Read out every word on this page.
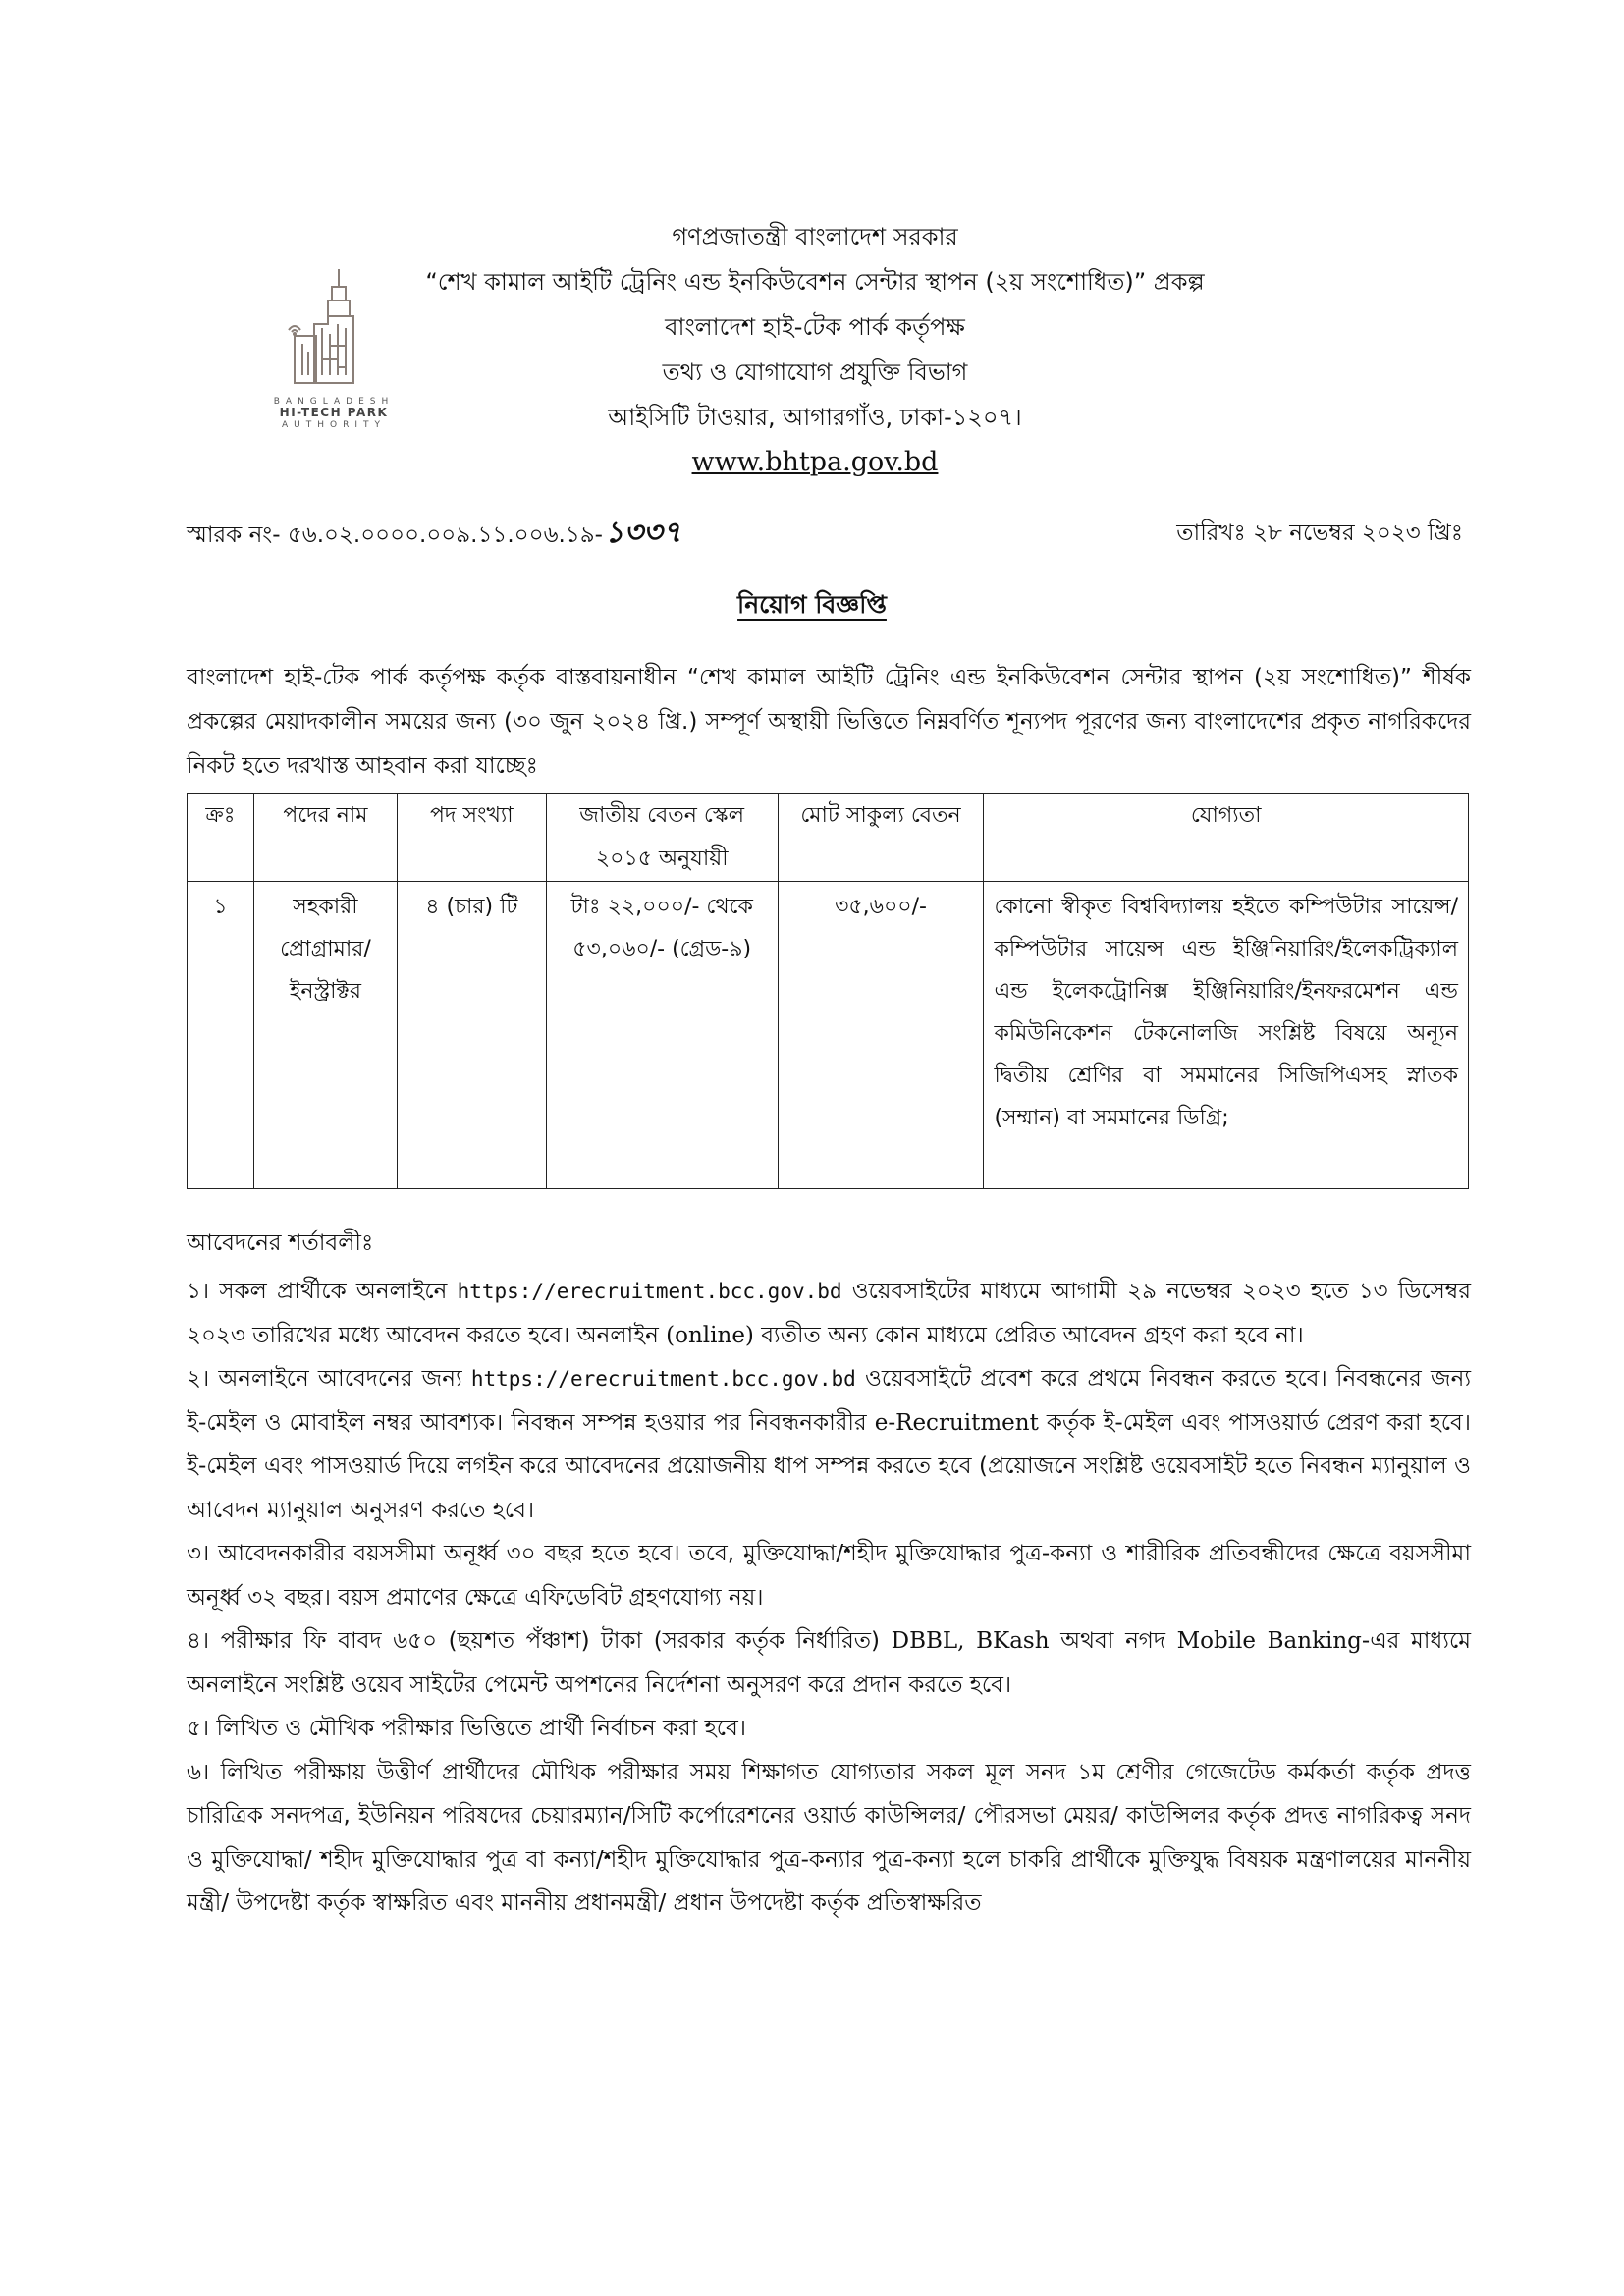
BANGLADESH
HI-TECH PARK
AUTHORITY
গণপ্রজাতন্ত্রী বাংলাদেশ সরকার
“শেখ কামাল আইটি ট্রেনিং এন্ড ইনকিউবেশন সেন্টার স্থাপন (২য় সংশোধিত)” প্রকল্প
বাংলাদেশ হাই-টেক পার্ক কর্তৃপক্ষ
তথ্য ও যোগাযোগ প্রযুক্তি বিভাগ
আইসিটি টাওয়ার, আগারগাঁও, ঢাকা-১২০৭।
www.bhtpa.gov.bd
স্মারক নং- ৫৬.০২.০০০০.০০৯.১১.০০৬.১৯-১৩৩৭	তারিখঃ ২৮ নভেম্বর ২০২৩ খ্রিঃ
নিয়োগ বিজ্ঞপ্তি
বাংলাদেশ হাই-টেক পার্ক কর্তৃপক্ষ কর্তৃক বাস্তবায়নাধীন “শেখ কামাল আইটি ট্রেনিং এন্ড ইনকিউবেশন সেন্টার স্থাপন (২য় সংশোধিত)” শীর্ষক প্রকল্পের মেয়াদকালীন সময়ের জন্য (৩০ জুন ২০২৪ খ্রি.) সম্পূর্ণ অস্থায়ী ভিত্তিতে নিম্নবর্ণিত শূন্যপদ পূরণের জন্য বাংলাদেশের প্রকৃত নাগরিকদের নিকট হতে দরখাস্ত আহবান করা যাচ্ছেঃ
ক্রঃ	পদের নাম	পদ সংখ্যা	জাতীয় বেতন স্কেল ২০১৫ অনুযায়ী	মোট সাকুল্য বেতন	যোগ্যতা
১	সহকারী প্রোগ্রামার/ ইনস্ট্রাক্টর	৪ (চার) টি	টাঃ ২২,০০০/- থেকে ৫৩,০৬০/- (গ্রেড-৯)	৩৫,৬০০/-	কোনো স্বীকৃত বিশ্ববিদ্যালয় হইতে কম্পিউটার সায়েন্স/কম্পিউটার সায়েন্স এন্ড ইঞ্জিনিয়ারিং/ইলেকট্রিক্যাল এন্ড ইলেকট্রোনিক্স ইঞ্জিনিয়ারিং/ইনফরমেশন এন্ড কমিউনিকেশন টেকনোলজি সংশ্লিষ্ট বিষয়ে অন্যূন দ্বিতীয় শ্রেণির বা সমমানের সিজিপিএসহ স্নাতক (সম্মান) বা সমমানের ডিগ্রি;
আবেদনের শর্তাবলীঃ

১। সকল প্রার্থীকে অনলাইনে https://erecruitment.bcc.gov.bd ওয়েবসাইটের মাধ্যমে আগামী ২৯ নভেম্বর ২০২৩ হতে ১৩ ডিসেম্বর ২০২৩ তারিখের মধ্যে আবেদন করতে হবে। অনলাইন (online) ব্যতীত অন্য কোন মাধ্যমে প্রেরিত আবেদন গ্রহণ করা হবে না।

২। অনলাইনে আবেদনের জন্য https://erecruitment.bcc.gov.bd ওয়েবসাইটে প্রবেশ করে প্রথমে নিবন্ধন করতে হবে। নিবন্ধনের জন্য ই-মেইল ও মোবাইল নম্বর আবশ্যক। নিবন্ধন সম্পন্ন হওয়ার পর নিবন্ধনকারীর e-Recruitment কর্তৃক ই-মেইল এবং পাসওয়ার্ড প্রেরণ করা হবে। ই-মেইল এবং পাসওয়ার্ড দিয়ে লগইন করে আবেদনের প্রয়োজনীয় ধাপ সম্পন্ন করতে হবে (প্রয়োজনে সংশ্লিষ্ট ওয়েবসাইট হতে নিবন্ধন ম্যানুয়াল ও আবেদন ম্যানুয়াল অনুসরণ করতে হবে।

৩। আবেদনকারীর বয়সসীমা অনূর্ধ্ব ৩০ বছর হতে হবে। তবে, মুক্তিযোদ্ধা/শহীদ মুক্তিযোদ্ধার পুত্র-কন্যা ও শারীরিক প্রতিবন্ধীদের ক্ষেত্রে বয়সসীমা অনূর্ধ্ব ৩২ বছর। বয়স প্রমাণের ক্ষেত্রে এফিডেবিট গ্রহণযোগ্য নয়।

৪। পরীক্ষার ফি বাবদ ৬৫০ (ছয়শত পঁঞ্চাশ) টাকা (সরকার কর্তৃক নির্ধারিত) DBBL, BKash অথবা নগদ Mobile Banking-এর মাধ্যমে অনলাইনে সংশ্লিষ্ট ওয়েব সাইটের পেমেন্ট অপশনের নির্দেশনা অনুসরণ করে প্রদান করতে হবে।

৫। লিখিত ও মৌখিক পরীক্ষার ভিত্তিতে প্রার্থী নির্বাচন করা হবে।

৬। লিখিত পরীক্ষায় উত্তীর্ণ প্রার্থীদের মৌখিক পরীক্ষার সময় শিক্ষাগত যোগ্যতার সকল মূল সনদ ১ম শ্রেণীর গেজেটেড কর্মকর্তা কর্তৃক প্রদত্ত চারিত্রিক সনদপত্র, ইউনিয়ন পরিষদের চেয়ারম্যান/সিটি কর্পোরেশনের ওয়ার্ড কাউন্সিলর/ পৌরসভা মেয়র/ কাউন্সিলর কর্তৃক প্রদত্ত নাগরিকত্ব সনদ ও মুক্তিযোদ্ধা/ শহীদ মুক্তিযোদ্ধার পুত্র বা কন্যা/শহীদ মুক্তিযোদ্ধার পুত্র-কন্যার পুত্র-কন্যা হলে চাকরি প্রার্থীকে মুক্তিযুদ্ধ বিষয়ক মন্ত্রণালয়ের মাননীয় মন্ত্রী/ উপদেষ্টা কর্তৃক স্বাক্ষরিত এবং মাননীয় প্রধানমন্ত্রী/ প্রধান উপদেষ্টা কর্তৃক প্রতিস্বাক্ষরিত
